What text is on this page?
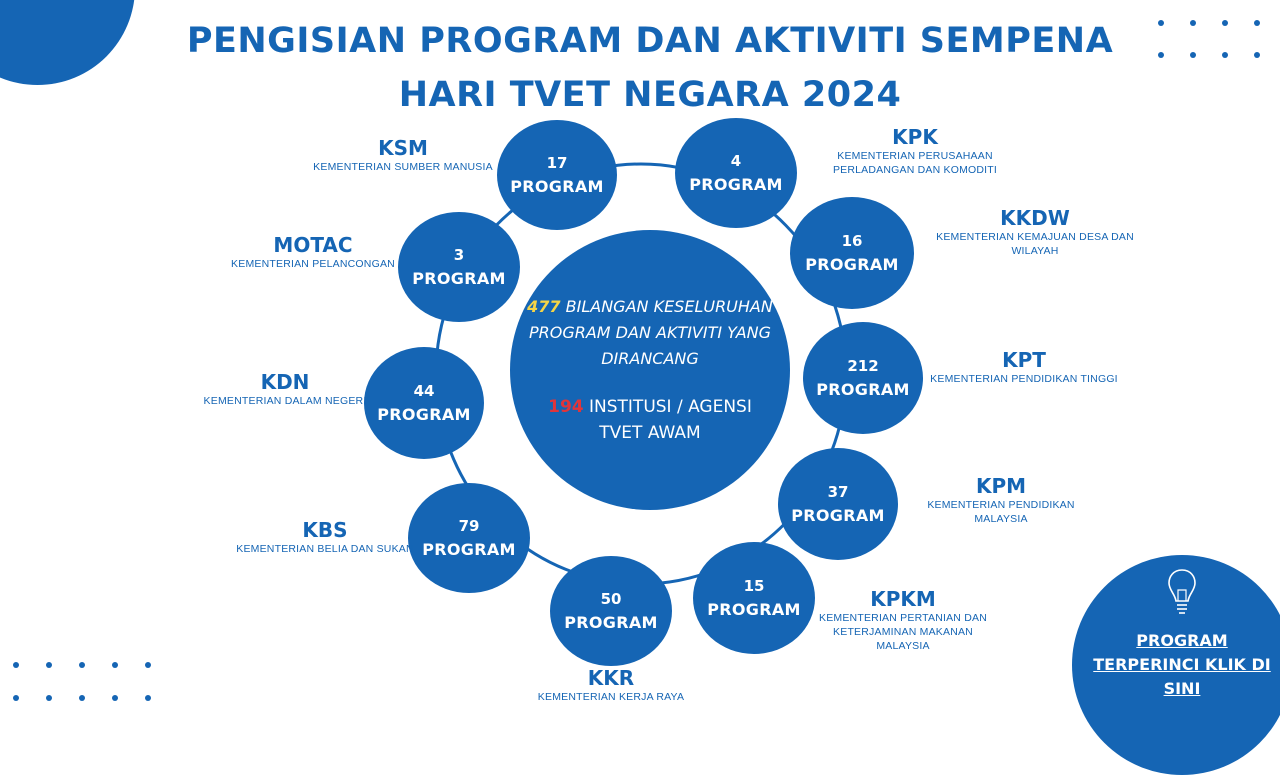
PENGISIAN PROGRAM DAN AKTIVITI SEMPENA
HARI TVET NEGARA 2024
477 BILANGAN KESELURUHAN PROGRAM DAN AKTIVITI YANG DIRANCANG
194 INSTITUSI / AGENSI TVET AWAM
17
PROGRAM
4
PROGRAM
16
PROGRAM
212
PROGRAM
37
PROGRAM
15
PROGRAM
50
PROGRAM
79
PROGRAM
44
PROGRAM
3
PROGRAM
KSM
KEMENTERIAN SUMBER MANUSIA
KPK
KEMENTERIAN PERUSAHAAN PERLADANGAN DAN KOMODITI
KKDW
KEMENTERIAN KEMAJUAN DESA DAN WILAYAH
KPT
KEMENTERIAN PENDIDIKAN TINGGI
KPM
KEMENTERIAN PENDIDIKAN MALAYSIA
KPKM
KEMENTERIAN PERTANIAN DAN KETERJAMINAN MAKANAN MALAYSIA
KKR
KEMENTERIAN KERJA RAYA
KBS
KEMENTERIAN BELIA DAN SUKAN
KDN
KEMENTERIAN DALAM NEGERI
MOTAC
KEMENTERIAN PELANCONGAN
PROGRAM TERPERINCI KLIK DI SINI
